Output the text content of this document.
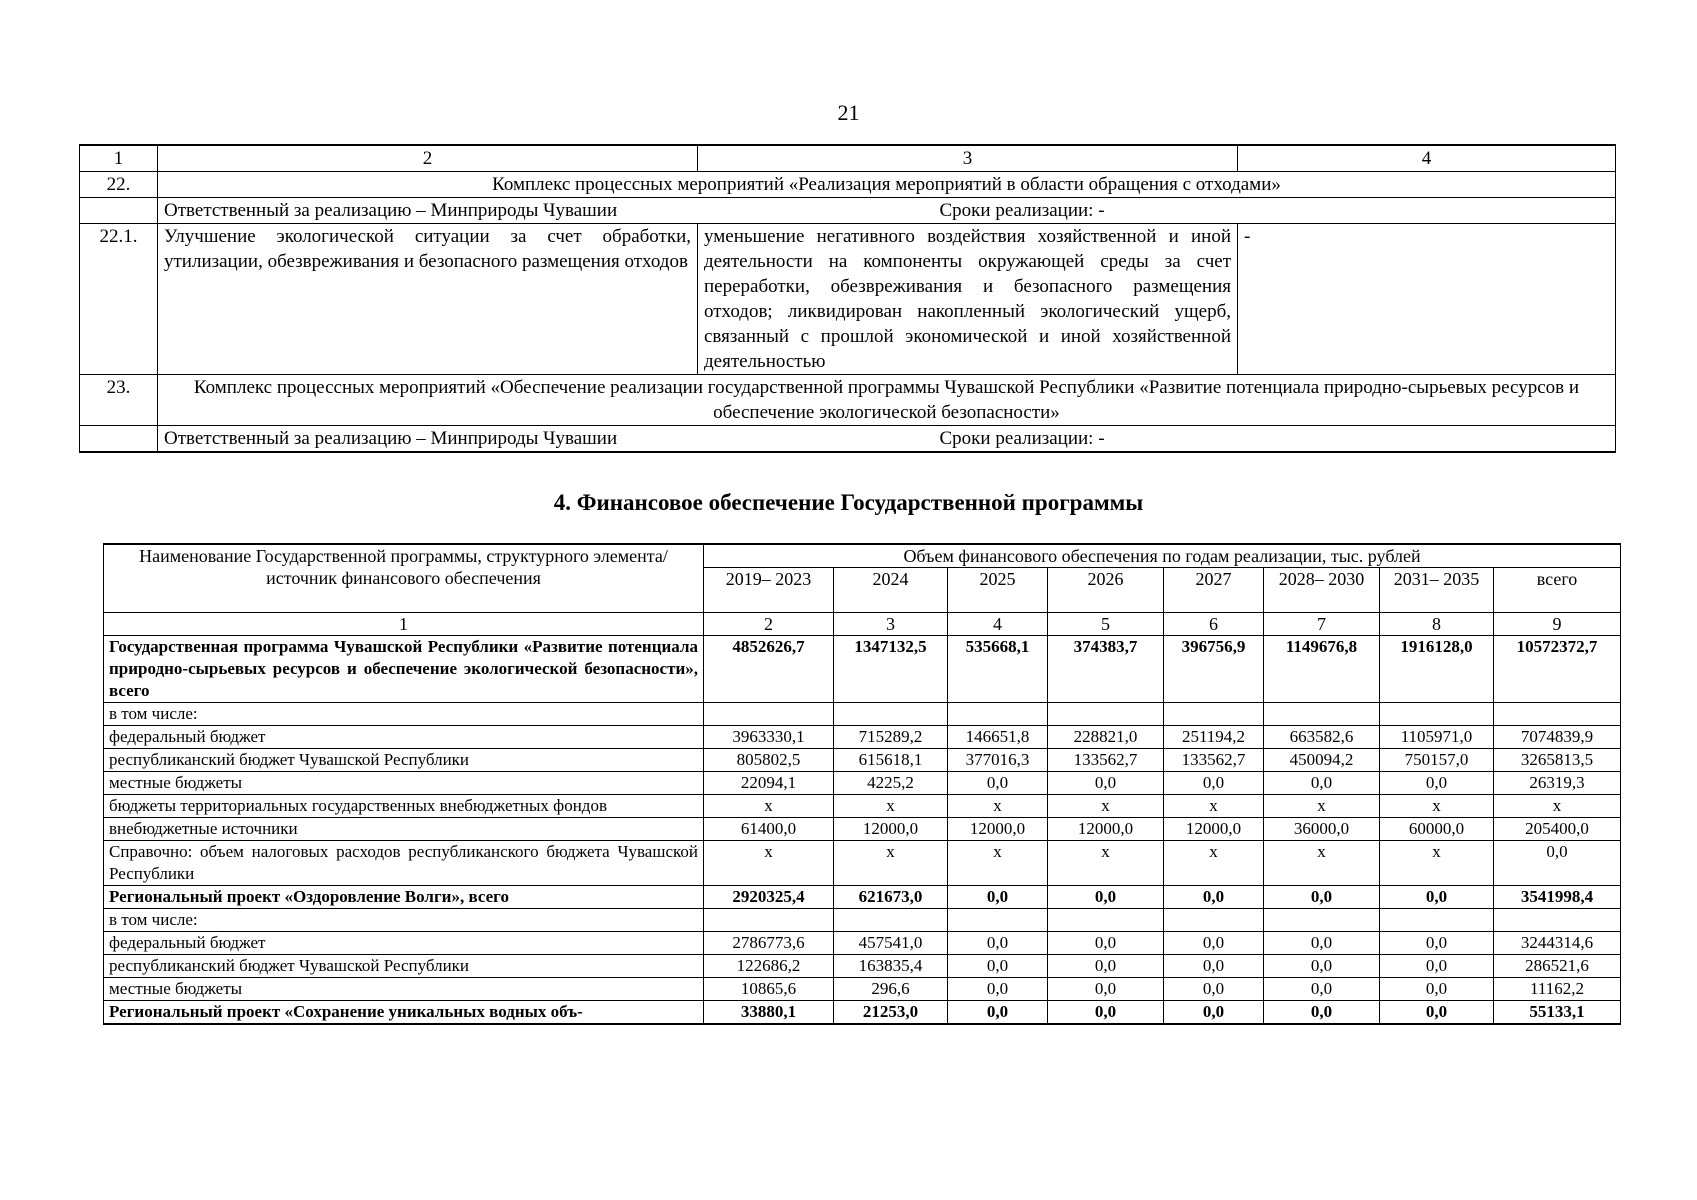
21
1	2	3		4
22.	Комплекс процессных мероприятий «Реализация мероприятий в области обращения с отходами»			
	Ответственный за реализацию – Минприроды Чувашии		Сроки реализации: -	
22.1.	Улучшение экологической ситуации за счет обработки, утилизации, обезвреживания и безопасного размещения отходов	уменьшение негативного воздействия хозяйственной и иной деятельности на компоненты окружающей среды за счет переработки, обезвреживания и безопасного размещения отходов; ликвидирован накопленный экологический ущерб, связанный с прошлой экономической и иной хозяйственной деятельностью		-
23.	Комплекс процессных мероприятий «Обеспечение реализации государственной программы Чувашской Республики «Развитие потенциала природно-сырьевых ресурсов и обеспечение экологической безопасности»			
	Ответственный за реализацию – Минприроды Чувашии		Сроки реализации: -	
4. Финансовое обеспечение Государственной программы
Наименование Государственной программы, структурного элемента/источник финансового обеспечения	Объем финансового обеспечения по годам реализации, тыс. рублей							
	2019– 2023	2024	2025	2026	2027	2028– 2030	2031– 2035	всего
1	2	3	4	5	6	7	8	9
Государственная программа Чувашской Республики «Развитие потенциала природно-сырьевых ресурсов и обеспечение экологической безопасности», всего	4852626,7	1347132,5	535668,1	374383,7	396756,9	1149676,8	1916128,0	10572372,7
в том числе:								
федеральный бюджет	3963330,1	715289,2	146651,8	228821,0	251194,2	663582,6	1105971,0	7074839,9
республиканский бюджет Чувашской Республики	805802,5	615618,1	377016,3	133562,7	133562,7	450094,2	750157,0	3265813,5
местные бюджеты	22094,1	4225,2	0,0	0,0	0,0	0,0	0,0	26319,3
бюджеты территориальных государственных внебюджетных фондов	х	х	х	х	х	х	х	х
внебюджетные источники	61400,0	12000,0	12000,0	12000,0	12000,0	36000,0	60000,0	205400,0
Справочно: объем налоговых расходов республиканского бюджета Чувашской Республики	х	х	х	х	х	х	х	0,0
Региональный проект «Оздоровление Волги», всего	2920325,4	621673,0	0,0	0,0	0,0	0,0	0,0	3541998,4
в том числе:								
федеральный бюджет	2786773,6	457541,0	0,0	0,0	0,0	0,0	0,0	3244314,6
республиканский бюджет Чувашской Республики	122686,2	163835,4	0,0	0,0	0,0	0,0	0,0	286521,6
местные бюджеты	10865,6	296,6	0,0	0,0	0,0	0,0	0,0	11162,2
Региональный проект «Сохранение уникальных водных объ-	33880,1	21253,0	0,0	0,0	0,0	0,0	0,0	55133,1
